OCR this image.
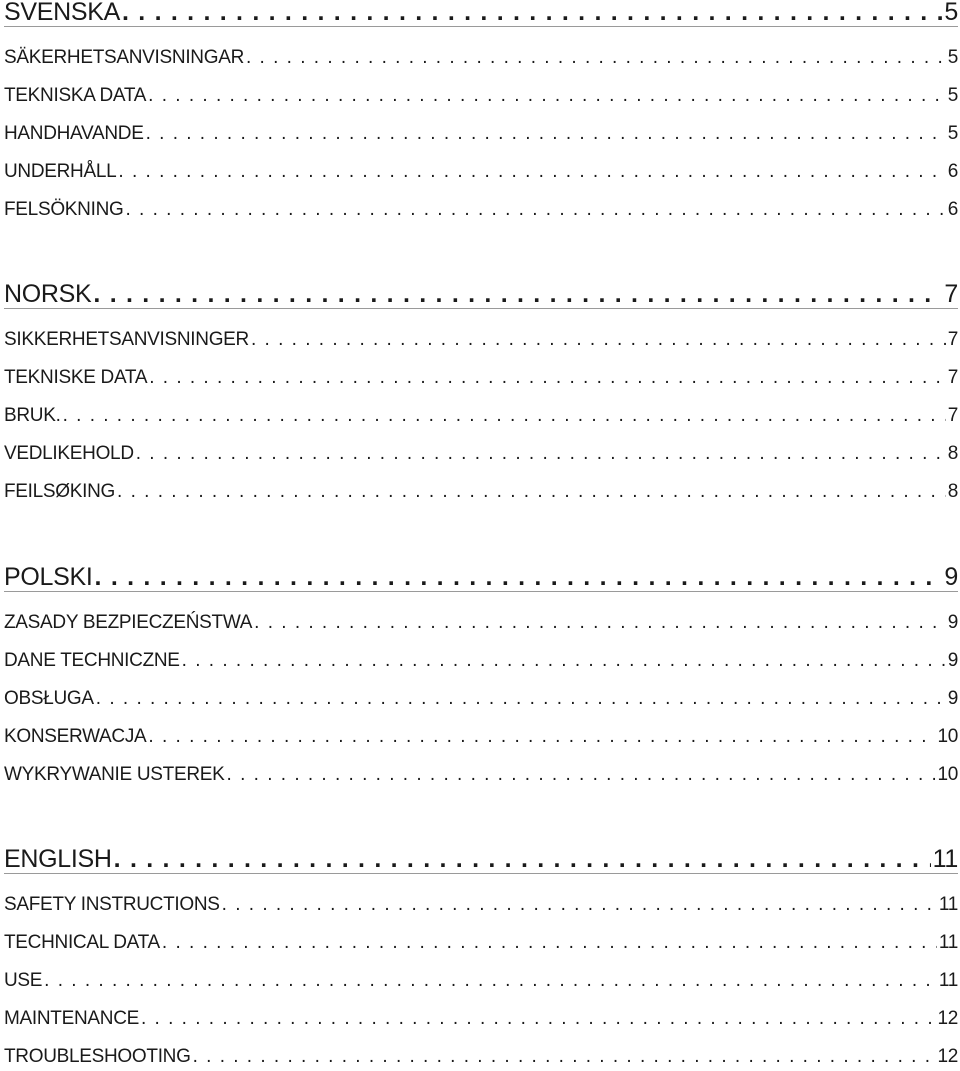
SVENSKA . . .	5
SÄKERHETSANVISNINGAR . . .	5
TEKNISKA DATA . . .	5
HANDHAVANDE . . .	5
UNDERHÅLL . . .	6
FELSÖKNING . . .	6
NORSK . . .	7
SIKKERHETSANVISNINGER . . .	7
TEKNISKE DATA . . .	7
BRUK. . . .	7
VEDLIKEHOLD . . .	8
FEILSØKING . . .	8
POLSKI . . .	9
ZASADY BEZPIECZEŃSTWA . . .	9
DANE TECHNICZNE . . .	9
OBSŁUGA . . .	9
KONSERWACJA . . .	10
WYKRYWANIE USTEREK . . .	10
ENGLISH . . .	11
SAFETY INSTRUCTIONS . . .	11
TECHNICAL DATA . . .	11
USE . . .	11
MAINTENANCE . . .	12
TROUBLESHOOTING . . .	12
